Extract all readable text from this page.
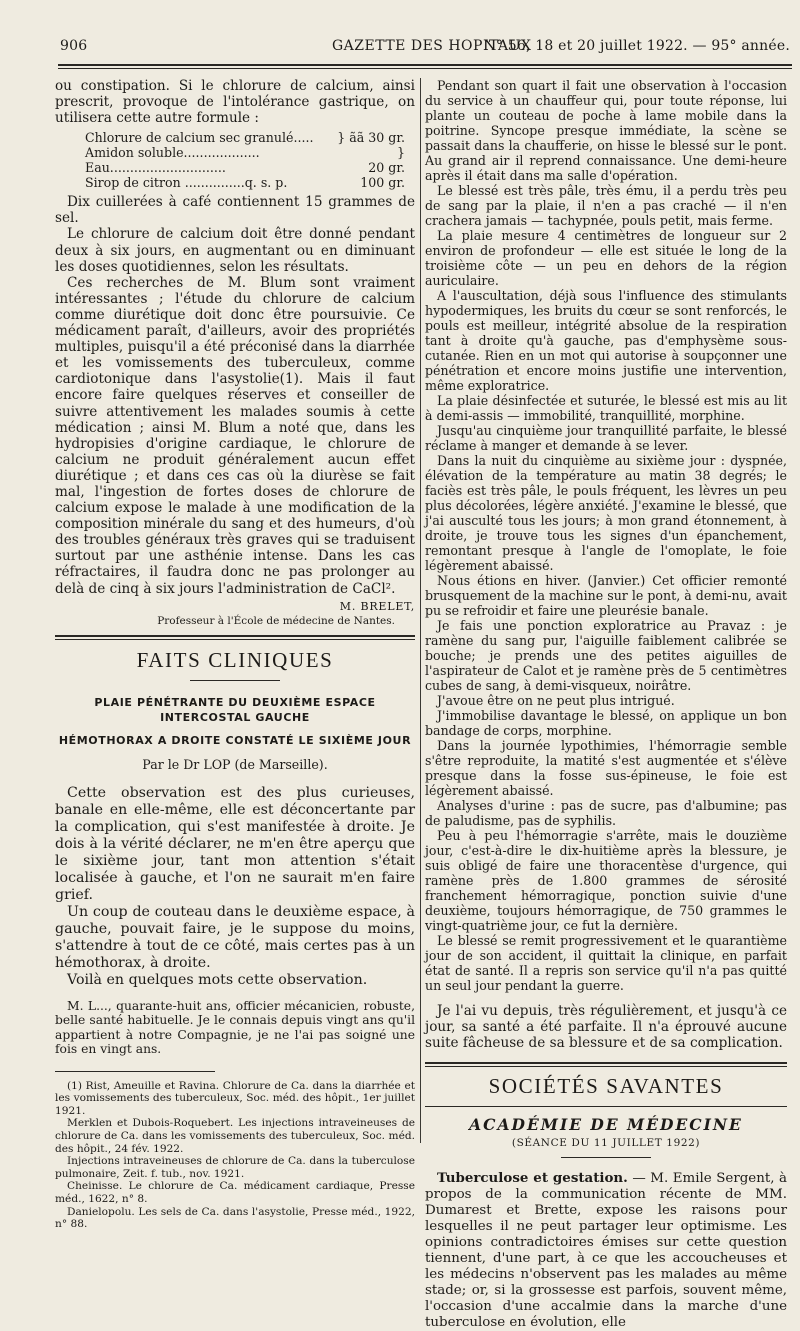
906	GAZETTE DES HOPITAUX
N° 56, 18 et 20 juillet 1922. — 95° année.

ou constipation. Si le chlorure de calcium, ainsi prescrit, provoque de l'intolérance gastrique, on utilisera cette autre formule :

Chlorure de calcium sec granulé.....	} ãã 30 gr.
Amidon soluble...................	}
Eau.............................	20 gr.
Sirop de citron ...............q. s. p.	100 gr.

Dix cuillerées à café contiennent 15 grammes de sel.

Le chlorure de calcium doit être donné pendant deux à six jours, en augmentant ou en diminuant les doses quotidiennes, selon les résultats.

Ces recherches de M. Blum sont vraiment intéressantes ; l'étude du chlorure de calcium comme diurétique doit donc être poursuivie. Ce médicament paraît, d'ailleurs, avoir des propriétés multiples, puisqu'il a été préconisé dans la diarrhée et les vomissements des tuberculeux, comme cardiotonique dans l'asystolie(1). Mais il faut encore faire quelques réserves et conseiller de suivre attentivement les malades soumis à cette médication ; ainsi M. Blum a noté que, dans les hydropisies d'origine cardiaque, le chlorure de calcium ne produit généralement aucun effet diurétique ; et dans ces cas où la diurèse se fait mal, l'ingestion de fortes doses de chlorure de calcium expose le malade à une modification de la composition minérale du sang et des humeurs, d'où des troubles généraux très graves qui se traduisent surtout par une asthénie intense. Dans les cas réfractaires, il faudra donc ne pas prolonger au delà de cinq à six jours l'administration de CaCl².

M. BRELET,
Professeur à l'École de médecine de Nantes.
FAITS CLINIQUES
PLAIE PÉNÉTRANTE DU DEUXIÈME ESPACE INTERCOSTAL GAUCHE
HÉMOTHORAX A DROITE CONSTATÉ LE SIXIÈME JOUR
Par le Dr LOP (de Marseille).

Cette observation est des plus curieuses, banale en elle-même, elle est déconcertante par la complication, qui s'est manifestée à droite. Je dois à la vérité déclarer, ne m'en être aperçu que le sixième jour, tant mon attention s'était localisée à gauche, et l'on ne saurait m'en faire grief.

Un coup de couteau dans le deuxième espace, à gauche, pouvait faire, je le suppose du moins, s'attendre à tout de ce côté, mais certes pas à un hémothorax, à droite.

Voilà en quelques mots cette observation.

M. L..., quarante-huit ans, officier mécanicien, robuste, belle santé habituelle. Je le connais depuis vingt ans qu'il appartient à notre Compagnie, je ne l'ai pas soigné une fois en vingt ans.

(1) Rist, Ameuille et Ravina. Chlorure de Ca. dans la diarrhée et les vomissements des tuberculeux, Soc. méd. des hôpit., 1er juillet 1921.

Merklen et Dubois-Roquebert. Les injections intraveineuses de chlorure de Ca. dans les vomissements des tuberculeux, Soc. méd. des hôpit., 24 fév. 1922.

Injections intraveineuses de chlorure de Ca. dans la tuberculose pulmonaire, Zeit. f. tub., nov. 1921.

Cheinisse. Le chlorure de Ca. médicament cardiaque, Presse méd., 1622, n° 8.

Danielopolu. Les sels de Ca. dans l'asystolie, Presse méd., 1922, n° 88.

Pendant son quart il fait une observation à l'occasion du service à un chauffeur qui, pour toute réponse, lui plante un couteau de poche à lame mobile dans la poitrine. Syncope presque immédiate, la scène se passait dans la chaufferie, on hisse le blessé sur le pont. Au grand air il reprend connaissance. Une demi-heure après il était dans ma salle d'opération.

Le blessé est très pâle, très ému, il a perdu très peu de sang par la plaie, il n'en a pas craché — il n'en crachera jamais — tachypnée, pouls petit, mais ferme.

La plaie mesure 4 centimètres de longueur sur 2 environ de profondeur — elle est située le long de la troisième côte — un peu en dehors de la région auriculaire.

A l'auscultation, déjà sous l'influence des stimulants hypodermiques, les bruits du cœur se sont renforcés, le pouls est meilleur, intégrité absolue de la respiration tant à droite qu'à gauche, pas d'emphysème sous-cutanée. Rien en un mot qui autorise à soupçonner une pénétration et encore moins justifie une intervention, même exploratrice.

La plaie désinfectée et suturée, le blessé est mis au lit à demi-assis — immobilité, tranquillité, morphine.

Jusqu'au cinquième jour tranquillité parfaite, le blessé réclame à manger et demande à se lever.

Dans la nuit du cinquième au sixième jour : dyspnée, élévation de la température au matin 38 degrés; le faciès est très pâle, le pouls fréquent, les lèvres un peu plus décolorées, légère anxiété. J'examine le blessé, que j'ai ausculté tous les jours; à mon grand étonnement, à droite, je trouve tous les signes d'un épanchement, remontant presque à l'angle de l'omoplate, le foie légèrement abaissé.

Nous étions en hiver. (Janvier.) Cet officier remonté brusquement de la machine sur le pont, à demi-nu, avait pu se refroidir et faire une pleurésie banale.

Je fais une ponction exploratrice au Pravaz : je ramène du sang pur, l'aiguille faiblement calibrée se bouche; je prends une des petites aiguilles de l'aspirateur de Calot et je ramène près de 5 centimètres cubes de sang, à demi-visqueux, noirâtre.

J'avoue être on ne peut plus intrigué.

J'immobilise davantage le blessé, on applique un bon bandage de corps, morphine.

Dans la journée lypothimies, l'hémorragie semble s'être reproduite, la matité s'est augmentée et s'élève presque dans la fosse sus-épineuse, le foie est légèrement abaissé.

Analyses d'urine : pas de sucre, pas d'albumine; pas de paludisme, pas de syphilis.

Peu à peu l'hémorragie s'arrête, mais le douzième jour, c'est-à-dire le dix-huitième après la blessure, je suis obligé de faire une thoracentèse d'urgence, qui ramène près de 1.800 grammes de sérosité franchement hémorragique, ponction suivie d'une deuxième, toujours hémorragique, de 750 grammes le vingt-quatrième jour, ce fut la dernière.

Le blessé se remit progressivement et le quarantième jour de son accident, il quittait la clinique, en parfait état de santé. Il a repris son service qu'il n'a pas quitté un seul jour pendant la guerre.

Je l'ai vu depuis, très régulièrement, et jusqu'à ce jour, sa santé a été parfaite. Il n'a éprouvé aucune suite fâcheuse de sa blessure et de sa complication.

SOCIÉTÉS SAVANTES
ACADÉMIE DE MÉDECINE
(SÉANCE DU 11 JUILLET 1922)

Tuberculose et gestation. — M. Emile Sergent, à propos de la communication récente de MM. Dumarest et Brette, expose les raisons pour lesquelles il ne peut partager leur optimisme. Les opinions contradictoires émises sur cette question tiennent, d'une part, à ce que les accoucheuses et les médecins n'observent pas les malades au même stade; or, si la grossesse est parfois, souvent même, l'occasion d'une accalmie dans la marche d'une tuberculose en évolution, elle
